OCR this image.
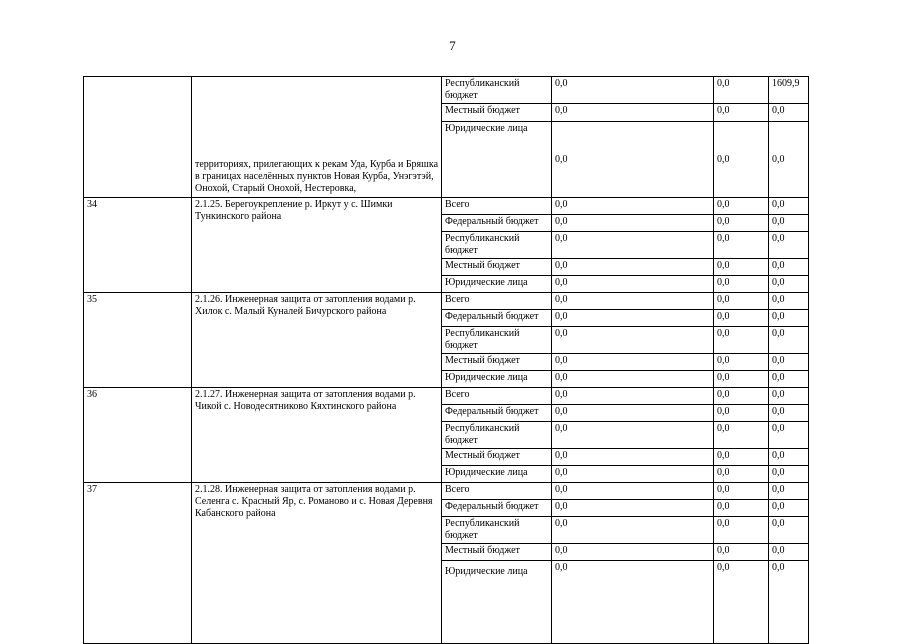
7
	территориях, прилегающих к рекам Уда, Курба и Бряшка в границах населённых пунктов Новая Курба, Унэгэтэй, Онохой, Старый Онохой, Нестеровка,	Республиканский бюджет	0,0	0,0	1609,9
		Местный бюджет	0,0	0,0	0,0
		Юридические лица	0,0	0,0	0,0
34	2.1.25. Берегоукрепление р. Иркут у с. Шимки Тункинского района	Всего	0,0	0,0	0,0
		Федеральный бюджет	0,0	0,0	0,0
		Республиканский бюджет	0,0	0,0	0,0
		Местный бюджет	0,0	0,0	0,0
		Юридические лица	0,0	0,0	0,0
35	2.1.26. Инженерная защита от затопления водами р. Хилок с. Малый Куналей Бичурского района	Всего	0,0	0,0	0,0
		Федеральный бюджет	0,0	0,0	0,0
		Республиканский бюджет	0,0	0,0	0,0
		Местный бюджет	0,0	0,0	0,0
		Юридические лица	0,0	0,0	0,0
36	2.1.27. Инженерная защита от затопления водами р. Чикой с. Новодесятниково Кяхтинского района	Всего	0,0	0,0	0,0
		Федеральный бюджет	0,0	0,0	0,0
		Республиканский бюджет	0,0	0,0	0,0
		Местный бюджет	0,0	0,0	0,0
		Юридические лица	0,0	0,0	0,0
37	2.1.28. Инженерная защита от затопления водами р. Селенга с. Красный Яр, с. Романово и с. Новая Деревня Кабанского района	Всего	0,0	0,0	0,0
		Федеральный бюджет	0,0	0,0	0,0
		Республиканский бюджет	0,0	0,0	0,0
		Местный бюджет	0,0	0,0	0,0
		Юридические лица	0,0	0,0	0,0
